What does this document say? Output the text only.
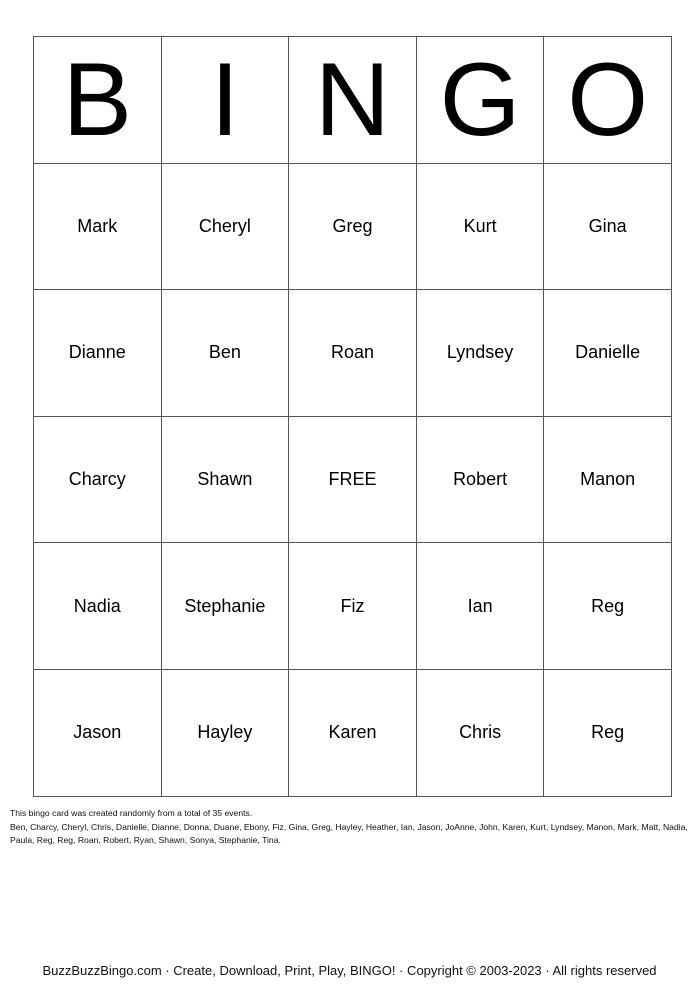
B	I	N	G	O
Mark	Cheryl	Greg	Kurt	Gina
Dianne	Ben	Roan	Lyndsey	Danielle
Charcy	Shawn	FREE	Robert	Manon
Nadia	Stephanie	Fiz	Ian	Reg
Jason	Hayley	Karen	Chris	Reg
This bingo card was created randomly from a total of 35 events.
Ben, Charcy, Cheryl, Chris, Danielle, Dianne, Donna, Duane, Ebony, Fiz, Gina, Greg, Hayley, Heather, Ian, Jason, JoAnne, John, Karen, Kurt, Lyndsey, Manon, Mark, Matt, Nadia, Paula, Reg, Reg, Roan, Robert, Ryan, Shawn, Sonya, Stephanie, Tina.
BuzzBuzzBingo.com · Create, Download, Print, Play, BINGO! · Copyright © 2003-2023 · All rights reserved
